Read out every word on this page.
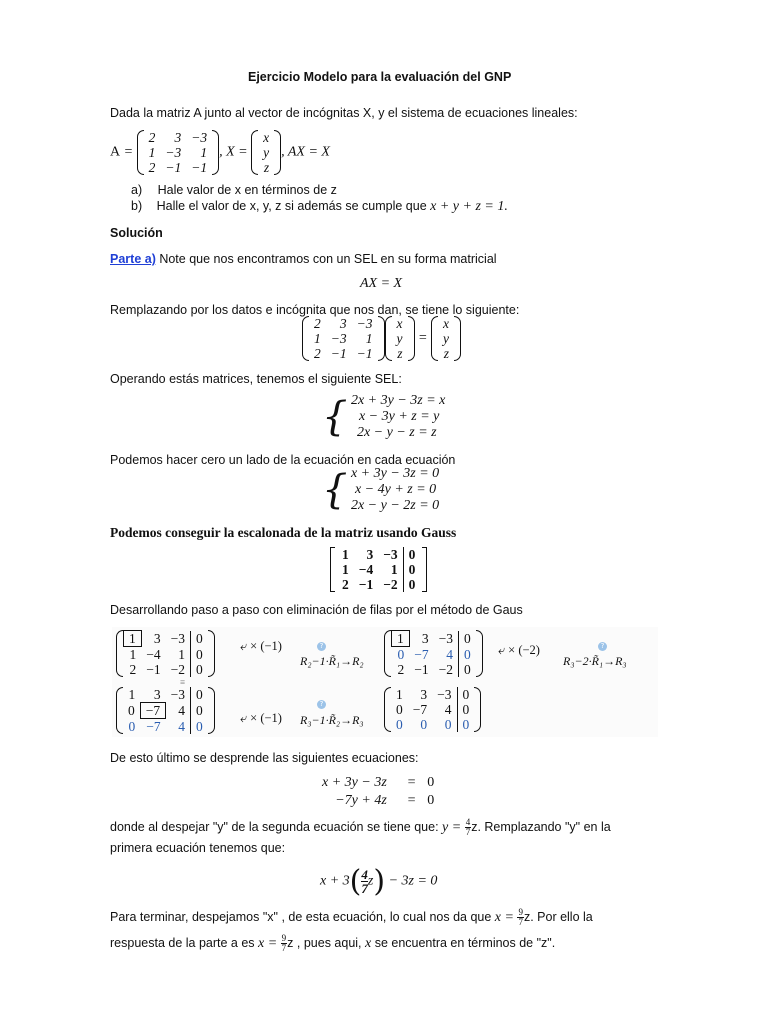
Ejercicio Modelo para la evaluación del GNP
Dada la matriz A junto al vector de incógnitas X, y el sistema de ecuaciones lineales:
A =
2	3	−3
1	−3	1
2	−1	−1
, X =
x
y
z
, AX = X
a) Hale valor de x en términos de z
b) Halle el valor de x, y, z si además se cumple que x + y + z = 1.
Solución
Parte a) Note que nos encontramos con un SEL en su forma matricial
AX = X
Remplazando por los datos e incógnita que nos dan, se tiene lo siguiente:
2	3	−3
1	−3	1
2	−1	−1
x
y
z
=
x
y
z
Operando estás matrices, tenemos el siguiente SEL:
{ 2x + 3y − 3z = x
x − 3y + z = y
2x − y − z = z
Podemos hacer cero un lado de la ecuación en cada ecuación
{ x + 3y − 3z = 0
x − 4y + z = 0
2x − y − 2z = 0
Podemos conseguir la escalonada de la matriz usando Gauss
1	3	−3	0
1	−4	1	0
2	−1	−2	0
Desarrollando paso a paso con eliminación de filas por el método de Gaus
1	3	−3	0
1	−4	1	0
2	−1	−2	0
⤶ × (−1)	?
R₂−1·R̃₁→R₂
≡
1	3	−3	0
0	−7	4	0
2	−1	−2	0
⤶ × (−2)	?
R₃−2·R̃₁→R₃
1	3	−3	0
0	−7	4	0
0	−7	4	0
⤶ × (−1)
?
R₃−1·R̃₂→R₃
1	3	−3	0
0	−7	4	0
0	0	0	0
De esto último se desprende las siguientes ecuaciones:
x + 3y − 3z	=	0
−7y + 4z	=	0
donde al despejar "y" de la segunda ecuación se tiene que: $y = \frac{4}{7} z$. Remplazando "y" en la
primera ecuación tenemos que:
$x + 3( \frac{4}{7} z) - 3z = 0$
Para terminar, despejamos "x" , de esta ecuación, lo cual nos da que $x = \frac{9}{7} z$. Por ello la
respuesta de la parte a es $x = \frac{9}{7}$ z , pues aqui, x se encuentra en términos de "z".
